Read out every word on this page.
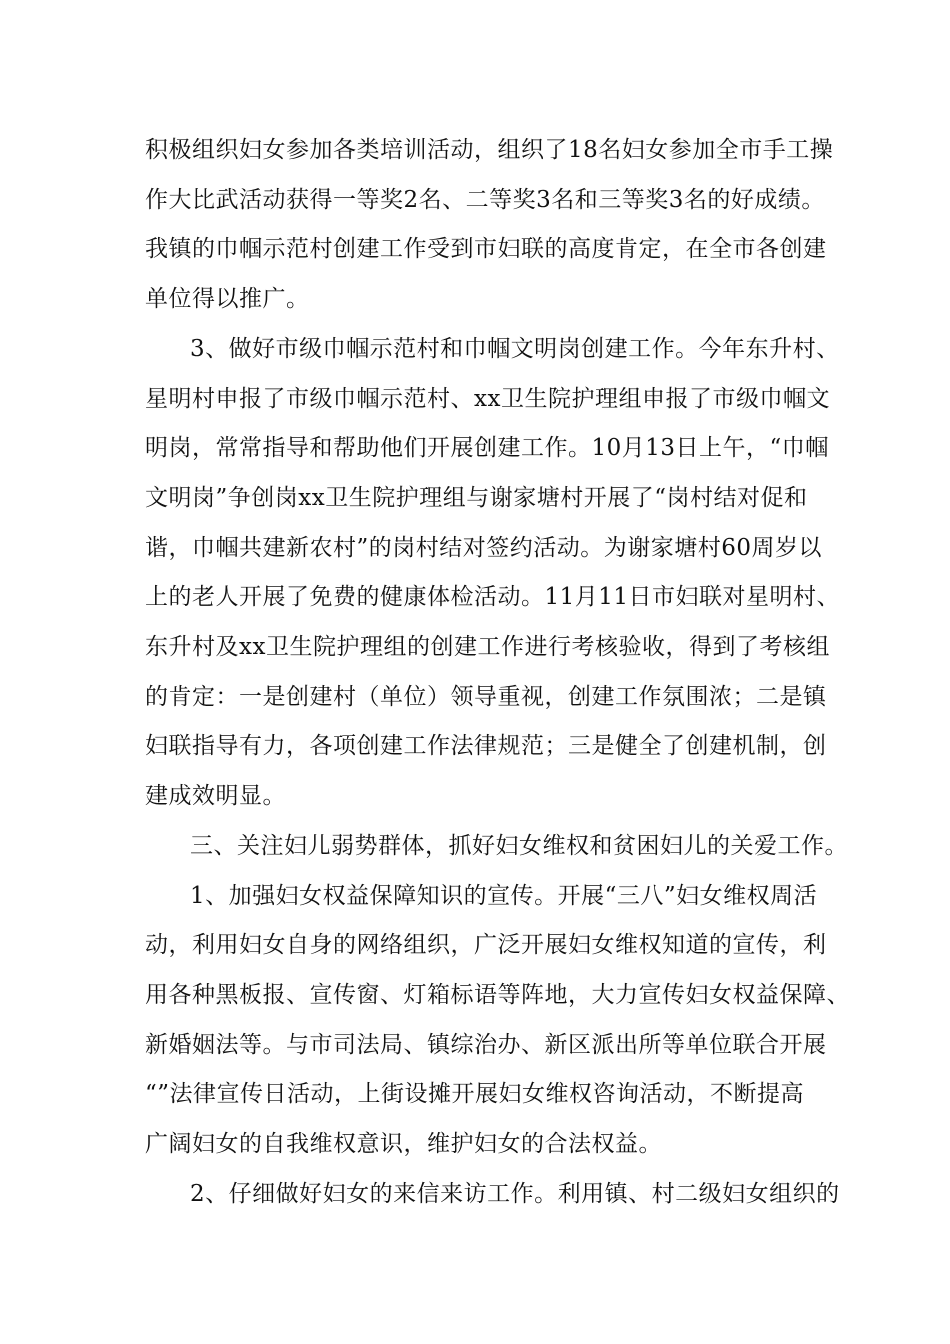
积极组织妇女参加各类培训活动，组织了18名妇女参加全市手工操
作大比武活动获得一等奖2名、二等奖3名和三等奖3名的好成绩。
我镇的巾帼示范村创建工作受到市妇联的高度肯定，在全市各创建
单位得以推广。
3、做好市级巾帼示范村和巾帼文明岗创建工作。今年东升村、
星明村申报了市级巾帼示范村、xx卫生院护理组申报了市级巾帼文
明岗，常常指导和帮助他们开展创建工作。10月13日上午，“巾帼
文明岗”争创岗xx卫生院护理组与谢家塘村开展了“岗村结对促和
谐，巾帼共建新农村”的岗村结对签约活动。为谢家塘村60周岁以
上的老人开展了免费的健康体检活动。11月11日市妇联对星明村、
东升村及xx卫生院护理组的创建工作进行考核验收，得到了考核组
的肯定：一是创建村（单位）领导重视，创建工作氛围浓；二是镇
妇联指导有力，各项创建工作法律规范；三是健全了创建机制，创
建成效明显。
三、关注妇儿弱势群体，抓好妇女维权和贫困妇儿的关爱工作。
1、加强妇女权益保障知识的宣传。开展“三八”妇女维权周活
动，利用妇女自身的网络组织，广泛开展妇女维权知道的宣传，利
用各种黑板报、宣传窗、灯箱标语等阵地，大力宣传妇女权益保障、
新婚姻法等。与市司法局、镇综治办、新区派出所等单位联合开展
“”法律宣传日活动，上街设摊开展妇女维权咨询活动，不断提高
广阔妇女的自我维权意识，维护妇女的合法权益。
2、仔细做好妇女的来信来访工作。利用镇、村二级妇女组织的
